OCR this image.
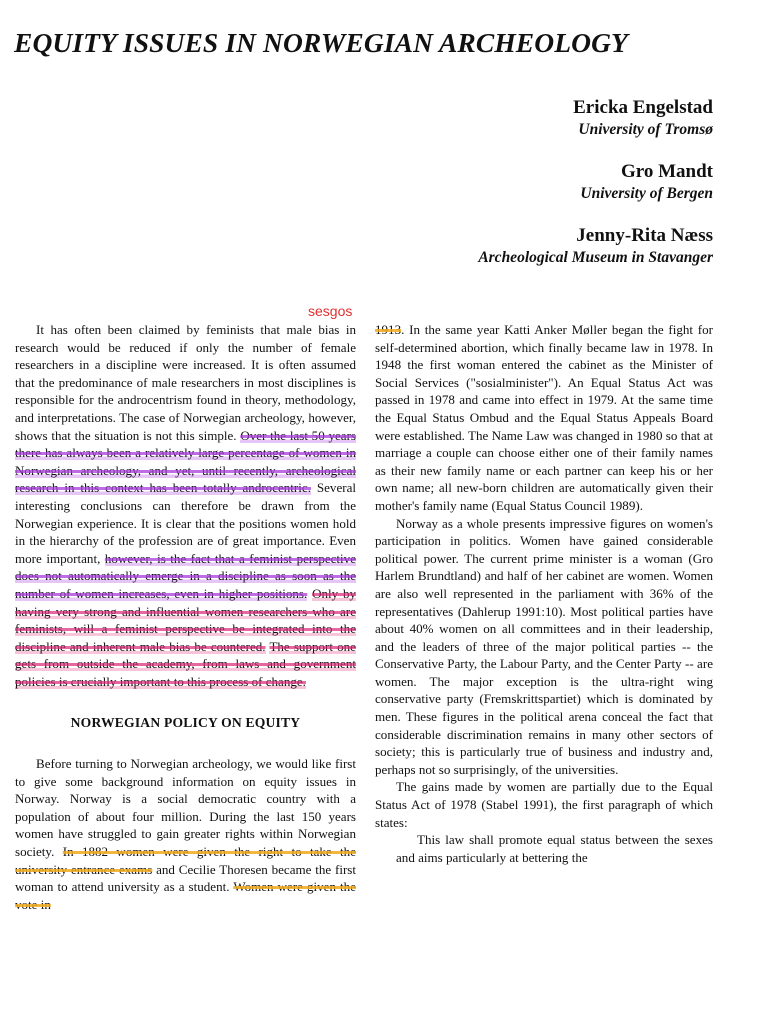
EQUITY ISSUES IN NORWEGIAN ARCHEOLOGY
Ericka Engelstad
University of Tromsø
Gro Mandt
University of Bergen
Jenny-Rita Næss
Archeological Museum in Stavanger
sesgos

It has often been claimed by feminists that male bias in research would be reduced if only the number of female researchers in a discipline were increased. It is often assumed that the predominance of male researchers in most disciplines is responsible for the androcentrism found in theory, methodology, and interpretations. The case of Norwegian archeology, however, shows that the situation is not this simple. Over the last 50 years there has always been a relatively large percentage of women in Norwegian archeology, and yet, until recently, archeological research in this context has been totally androcentric. Several interesting conclusions can therefore be drawn from the Norwegian experience. It is clear that the positions women hold in the hierarchy of the profession are of great importance. Even more important, however, is the fact that a feminist perspective does not automatically emerge in a discipline as soon as the number of women increases, even in higher positions. Only by having very strong and influential women researchers who are feminists, will a feminist perspective be integrated into the discipline and inherent male bias be countered. The support one gets from outside the academy, from laws and government policies is crucially important to this process of change.

NORWEGIAN POLICY ON EQUITY

Before turning to Norwegian archeology, we would like first to give some background information on equity issues in Norway. Norway is a social democratic country with a population of about four million. During the last 150 years women have struggled to gain greater rights within Norwegian society. In 1882 women were given the right to take the university entrance exams and Cecilie Thoresen became the first woman to attend university as a student. Women were given the vote in

1913. In the same year Katti Anker Møller began the fight for self-determined abortion, which finally became law in 1978. In 1948 the first woman entered the cabinet as the Minister of Social Services ("sosialminister"). An Equal Status Act was passed in 1978 and came into effect in 1979. At the same time the Equal Status Ombud and the Equal Status Appeals Board were established. The Name Law was changed in 1980 so that at marriage a couple can choose either one of their family names as their new family name or each partner can keep his or her own name; all new-born children are automatically given their mother's family name (Equal Status Council 1989).

Norway as a whole presents impressive figures on women's participation in politics. Women have gained considerable political power. The current prime minister is a woman (Gro Harlem Brundtland) and half of her cabinet are women. Women are also well represented in the parliament with 36% of the representatives (Dahlerup 1991:10). Most political parties have about 40% women on all committees and in their leadership, and the leaders of three of the major political parties -- the Conservative Party, the Labour Party, and the Center Party -- are women. The major exception is the ultra-right wing conservative party (Fremskrittspartiet) which is dominated by men. These figures in the political arena conceal the fact that considerable discrimination remains in many other sectors of society; this is particularly true of business and industry and, perhaps not so surprisingly, of the universities.

The gains made by women are partially due to the Equal Status Act of 1978 (Stabel 1991), the first paragraph of which states:

This law shall promote equal status between the sexes and aims particularly at bettering the
